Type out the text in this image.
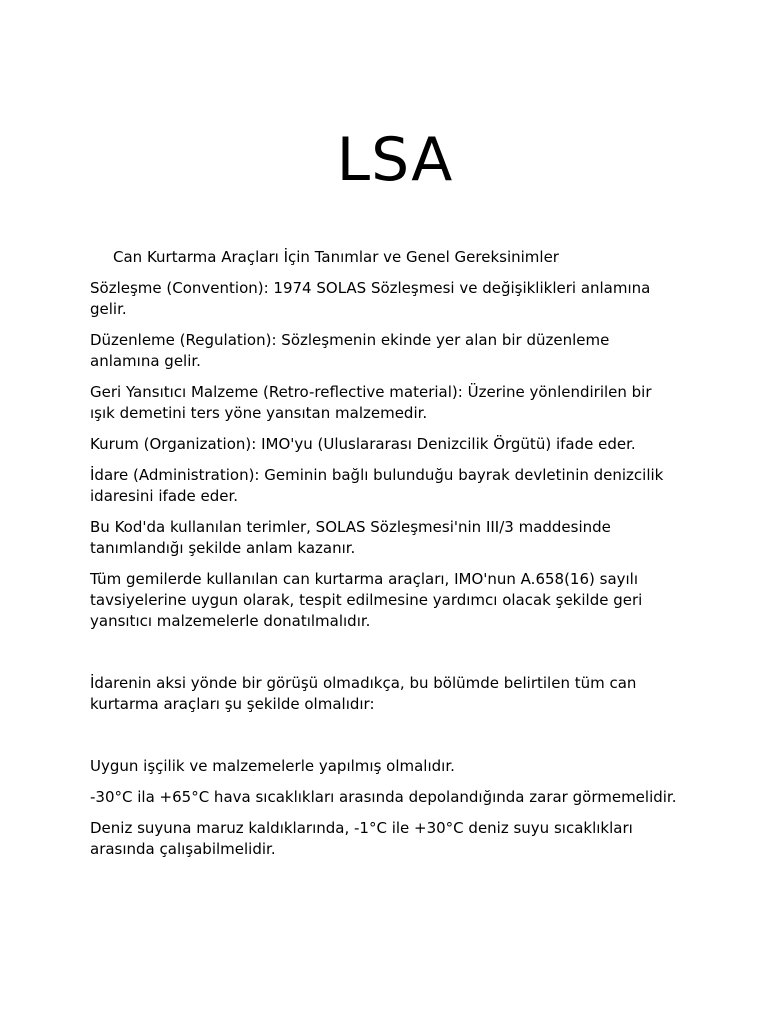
LSA

Can Kurtarma Araçları İçin Tanımlar ve Genel Gereksinimler

Sözleşme (Convention): 1974 SOLAS Sözleşmesi ve değişiklikleri anlamına gelir.

Düzenleme (Regulation): Sözleşmenin ekinde yer alan bir düzenleme anlamına gelir.

Geri Yansıtıcı Malzeme (Retro-reflective material): Üzerine yönlendirilen bir ışık demetini ters yöne yansıtan malzemedir.

Kurum (Organization): IMO'yu (Uluslararası Denizcilik Örgütü) ifade eder.

İdare (Administration): Geminin bağlı bulunduğu bayrak devletinin denizcilik idaresini ifade eder.

Bu Kod'da kullanılan terimler, SOLAS Sözleşmesi'nin III/3 maddesinde tanımlandığı şekilde anlam kazanır.

Tüm gemilerde kullanılan can kurtarma araçları, IMO'nun A.658(16) sayılı tavsiyelerine uygun olarak, tespit edilmesine yardımcı olacak şekilde geri yansıtıcı malzemelerle donatılmalıdır.

İdarenin aksi yönde bir görüşü olmadıkça, bu bölümde belirtilen tüm can kurtarma araçları şu şekilde olmalıdır:

Uygun işçilik ve malzemelerle yapılmış olmalıdır.

-30°C ila +65°C hava sıcaklıkları arasında depolandığında zarar görmemelidir.

Deniz suyuna maruz kaldıklarında, -1°C ile +30°C deniz suyu sıcaklıkları arasında çalışabilmelidir.
